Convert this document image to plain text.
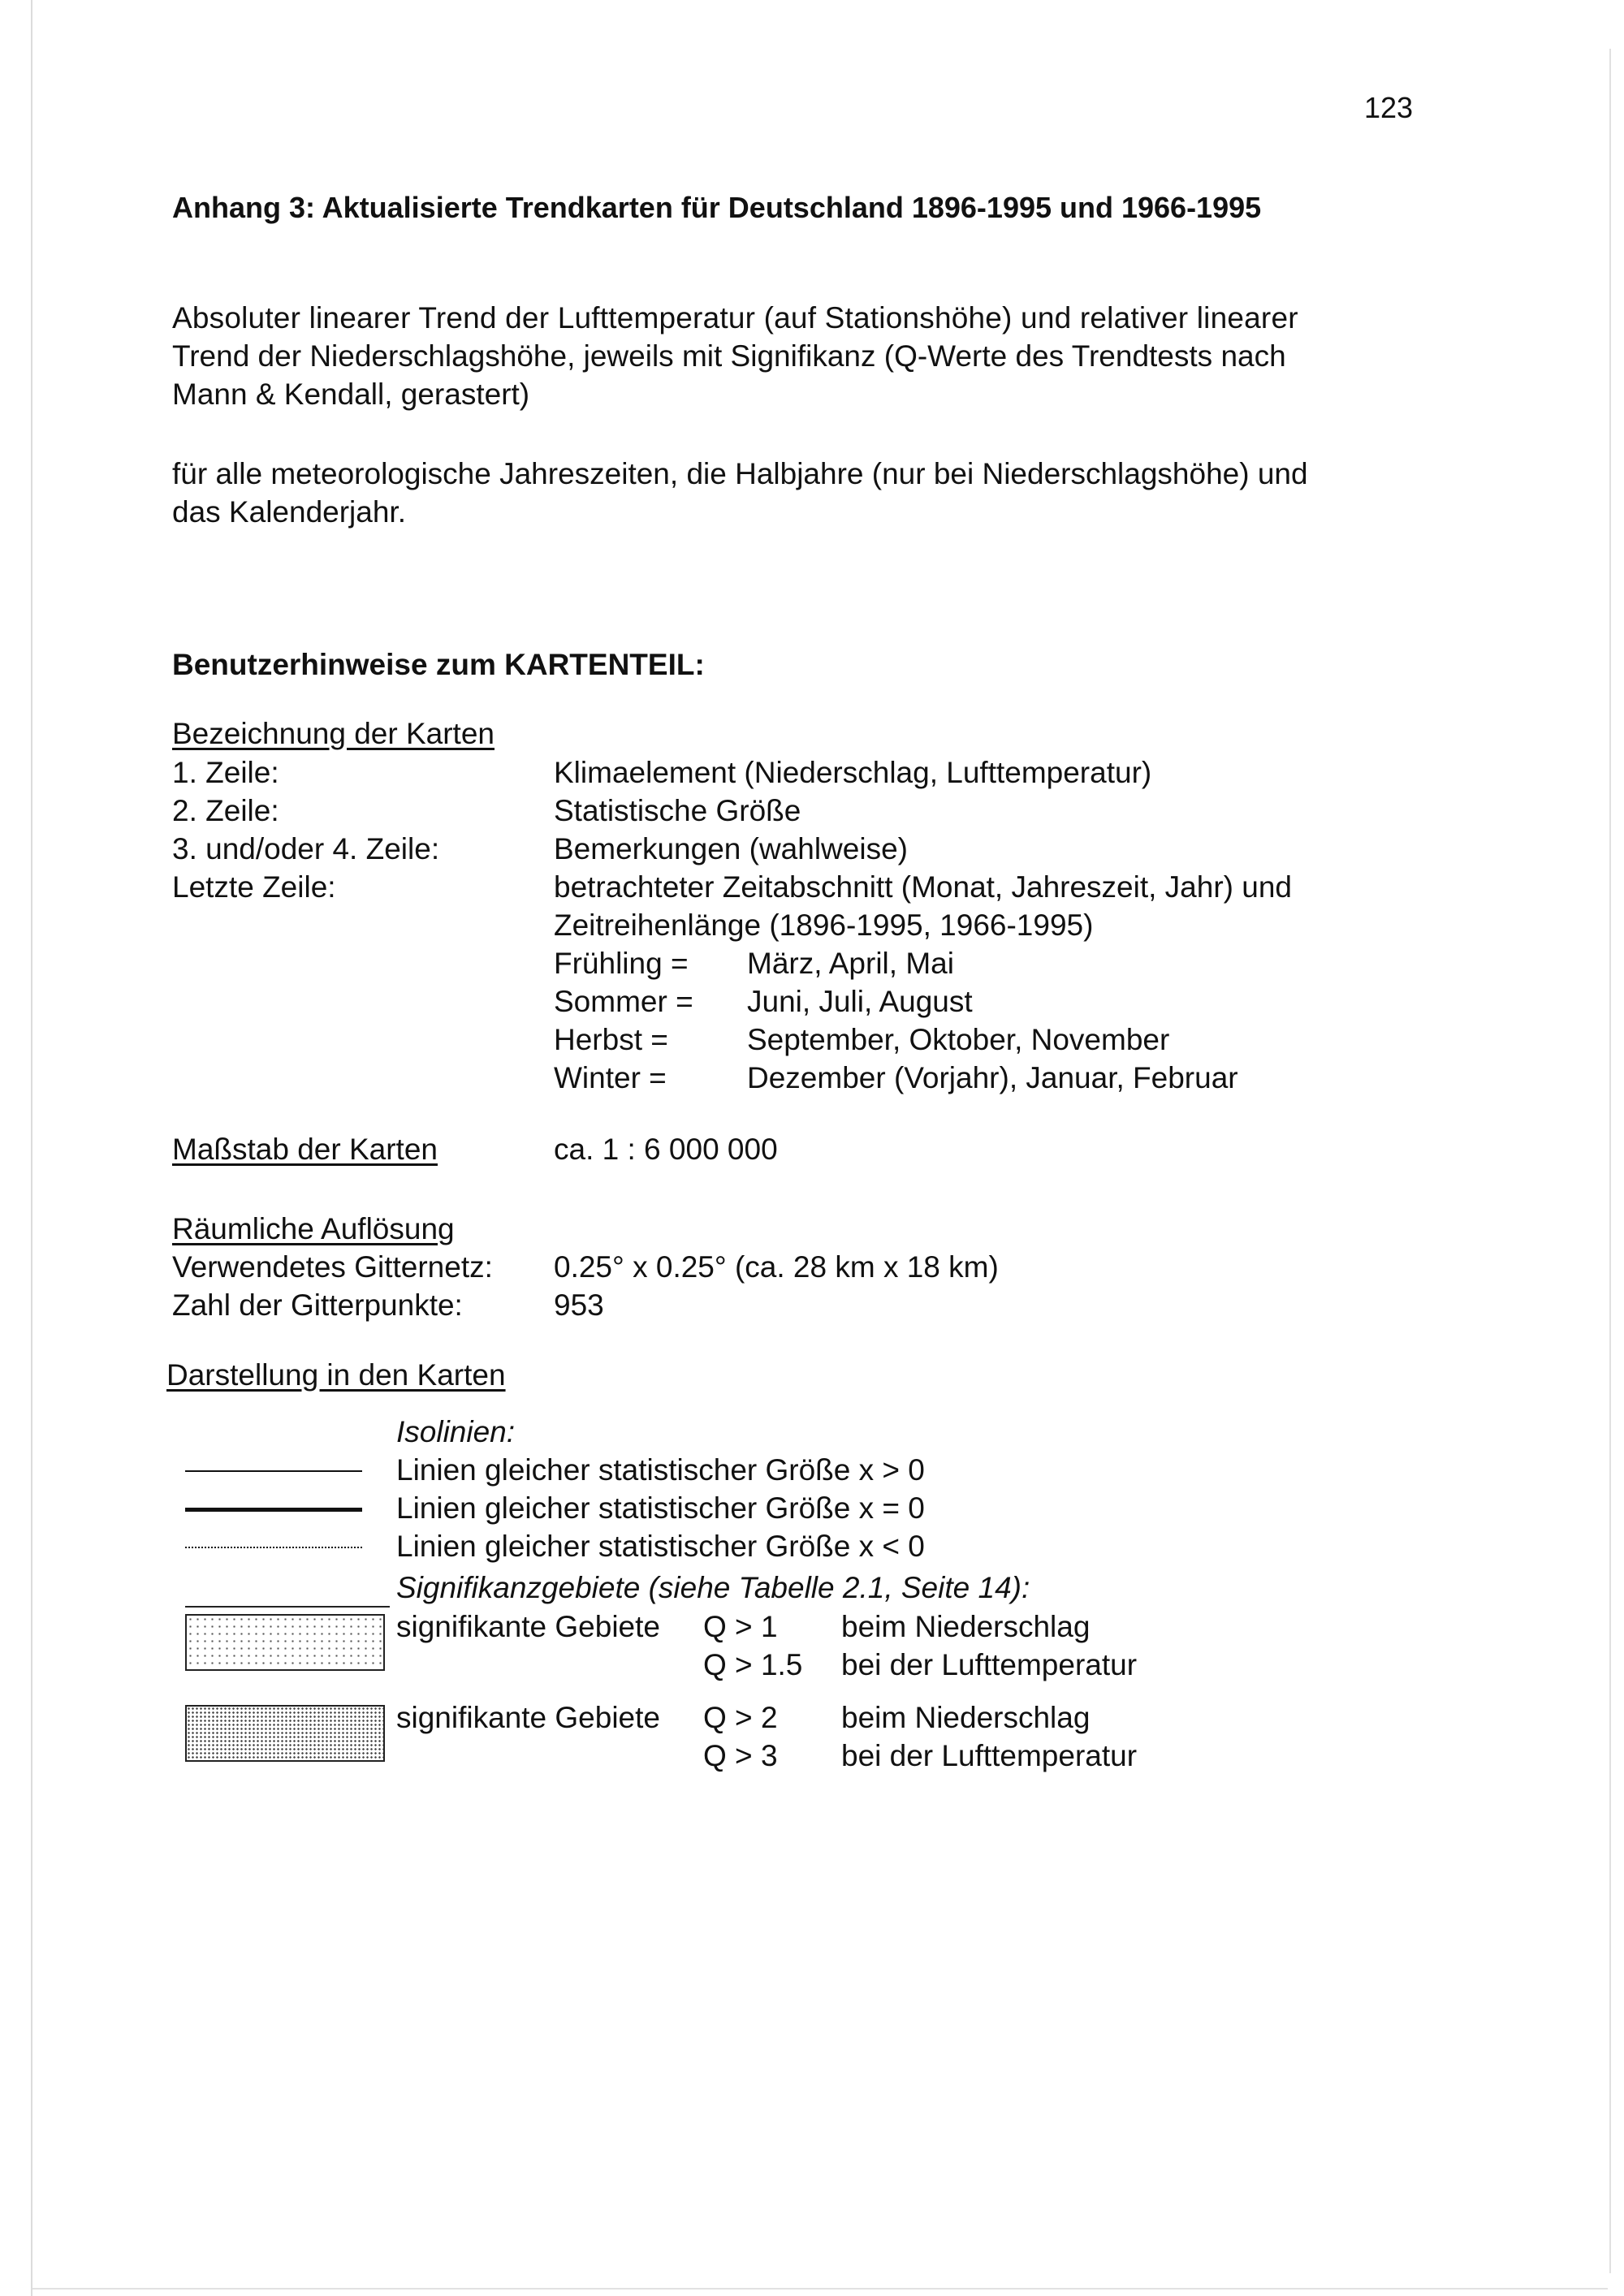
123
Anhang 3: Aktualisierte Trendkarten für Deutschland 1896-1995 und 1966-1995
Absoluter linearer Trend der Lufttemperatur (auf Stationshöhe) und relativer linearer
Trend der Niederschlagshöhe, jeweils mit Signifikanz (Q-Werte des Trendtests nach
Mann & Kendall, gerastert)
für alle meteorologische Jahreszeiten, die Halbjahre (nur bei Niederschlagshöhe) und
das Kalenderjahr.
Benutzerhinweise zum KARTENTEIL:
Bezeichnung der Karten
1. Zeile:	Klimaelement (Niederschlag, Lufttemperatur)
2. Zeile:	Statistische Größe
3. und/oder 4. Zeile:	Bemerkungen (wahlweise)
Letzte Zeile:	betrachteter Zeitabschnitt (Monat, Jahreszeit, Jahr) und
Zeitreihenlänge (1896-1995, 1966-1995)
Frühling = März, April, Mai
Sommer = Juni, Juli, August
Herbst =	September, Oktober, November
Winter =	Dezember (Vorjahr), Januar, Februar
Maßstab der Karten	ca. 1 : 6 000 000
Räumliche Auflösung
Verwendetes Gitternetz: 0.25° x 0.25° (ca. 28 km x 18 km)
Zahl der Gitterpunkte:	953
Darstellung in den Karten
Isolinien:
Linien gleicher statistischer Größe x > 0
Linien gleicher statistischer Größe x = 0
Linien gleicher statistischer Größe x < 0
Signifikanzgebiete (siehe Tabelle 2.1, Seite 14):
signifikante Gebiete Q > 1 beim Niederschlag
Q > 1.5 bei der Lufttemperatur
signifikante Gebiete Q > 2 beim Niederschlag
Q > 3 bei der Lufttemperatur
